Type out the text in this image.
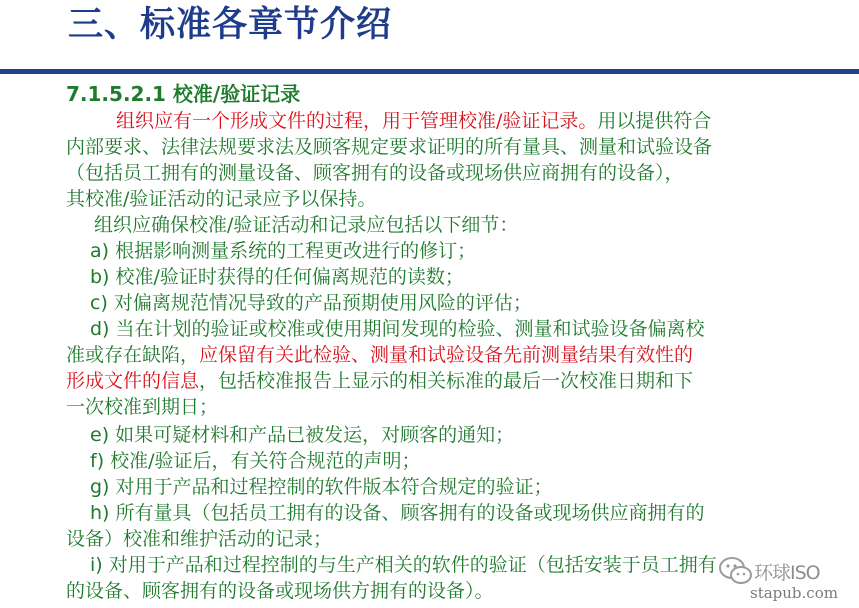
三、标准各章节介绍
7.1.5.2.1 校准/验证记录
组织应有一个形成文件的过程，用于管理校准/验证记录。用以提供符合
内部要求、法律法规要求法及顾客规定要求证明的所有量具、测量和试验设备
（包括员工拥有的测量设备、顾客拥有的设备或现场供应商拥有的设备），
其校准/验证活动的记录应予以保持。
组织应确保校准/验证活动和记录应包括以下细节：
a) 根据影响测量系统的工程更改进行的修订；
b) 校准/验证时获得的任何偏离规范的读数；
c) 对偏离规范情况导致的产品预期使用风险的评估；
d) 当在计划的验证或校准或使用期间发现的检验、测量和试验设备偏离校
准或存在缺陷，应保留有关此检验、测量和试验设备先前测量结果有效性的
形成文件的信息，包括校准报告上显示的相关标准的最后一次校准日期和下
一次校准到期日；
e) 如果可疑材料和产品已被发运，对顾客的通知；
f) 校准/验证后，有关符合规范的声明；
g) 对用于产品和过程控制的软件版本符合规定的验证；
h) 所有量具（包括员工拥有的设备、顾客拥有的设备或现场供应商拥有的
设备）校准和维护活动的记录；
i) 对用于产品和过程控制的与生产相关的软件的验证（包括安装于员工拥有
的设备、顾客拥有的设备或现场供方拥有的设备）。
环球ISO
stapub.com
